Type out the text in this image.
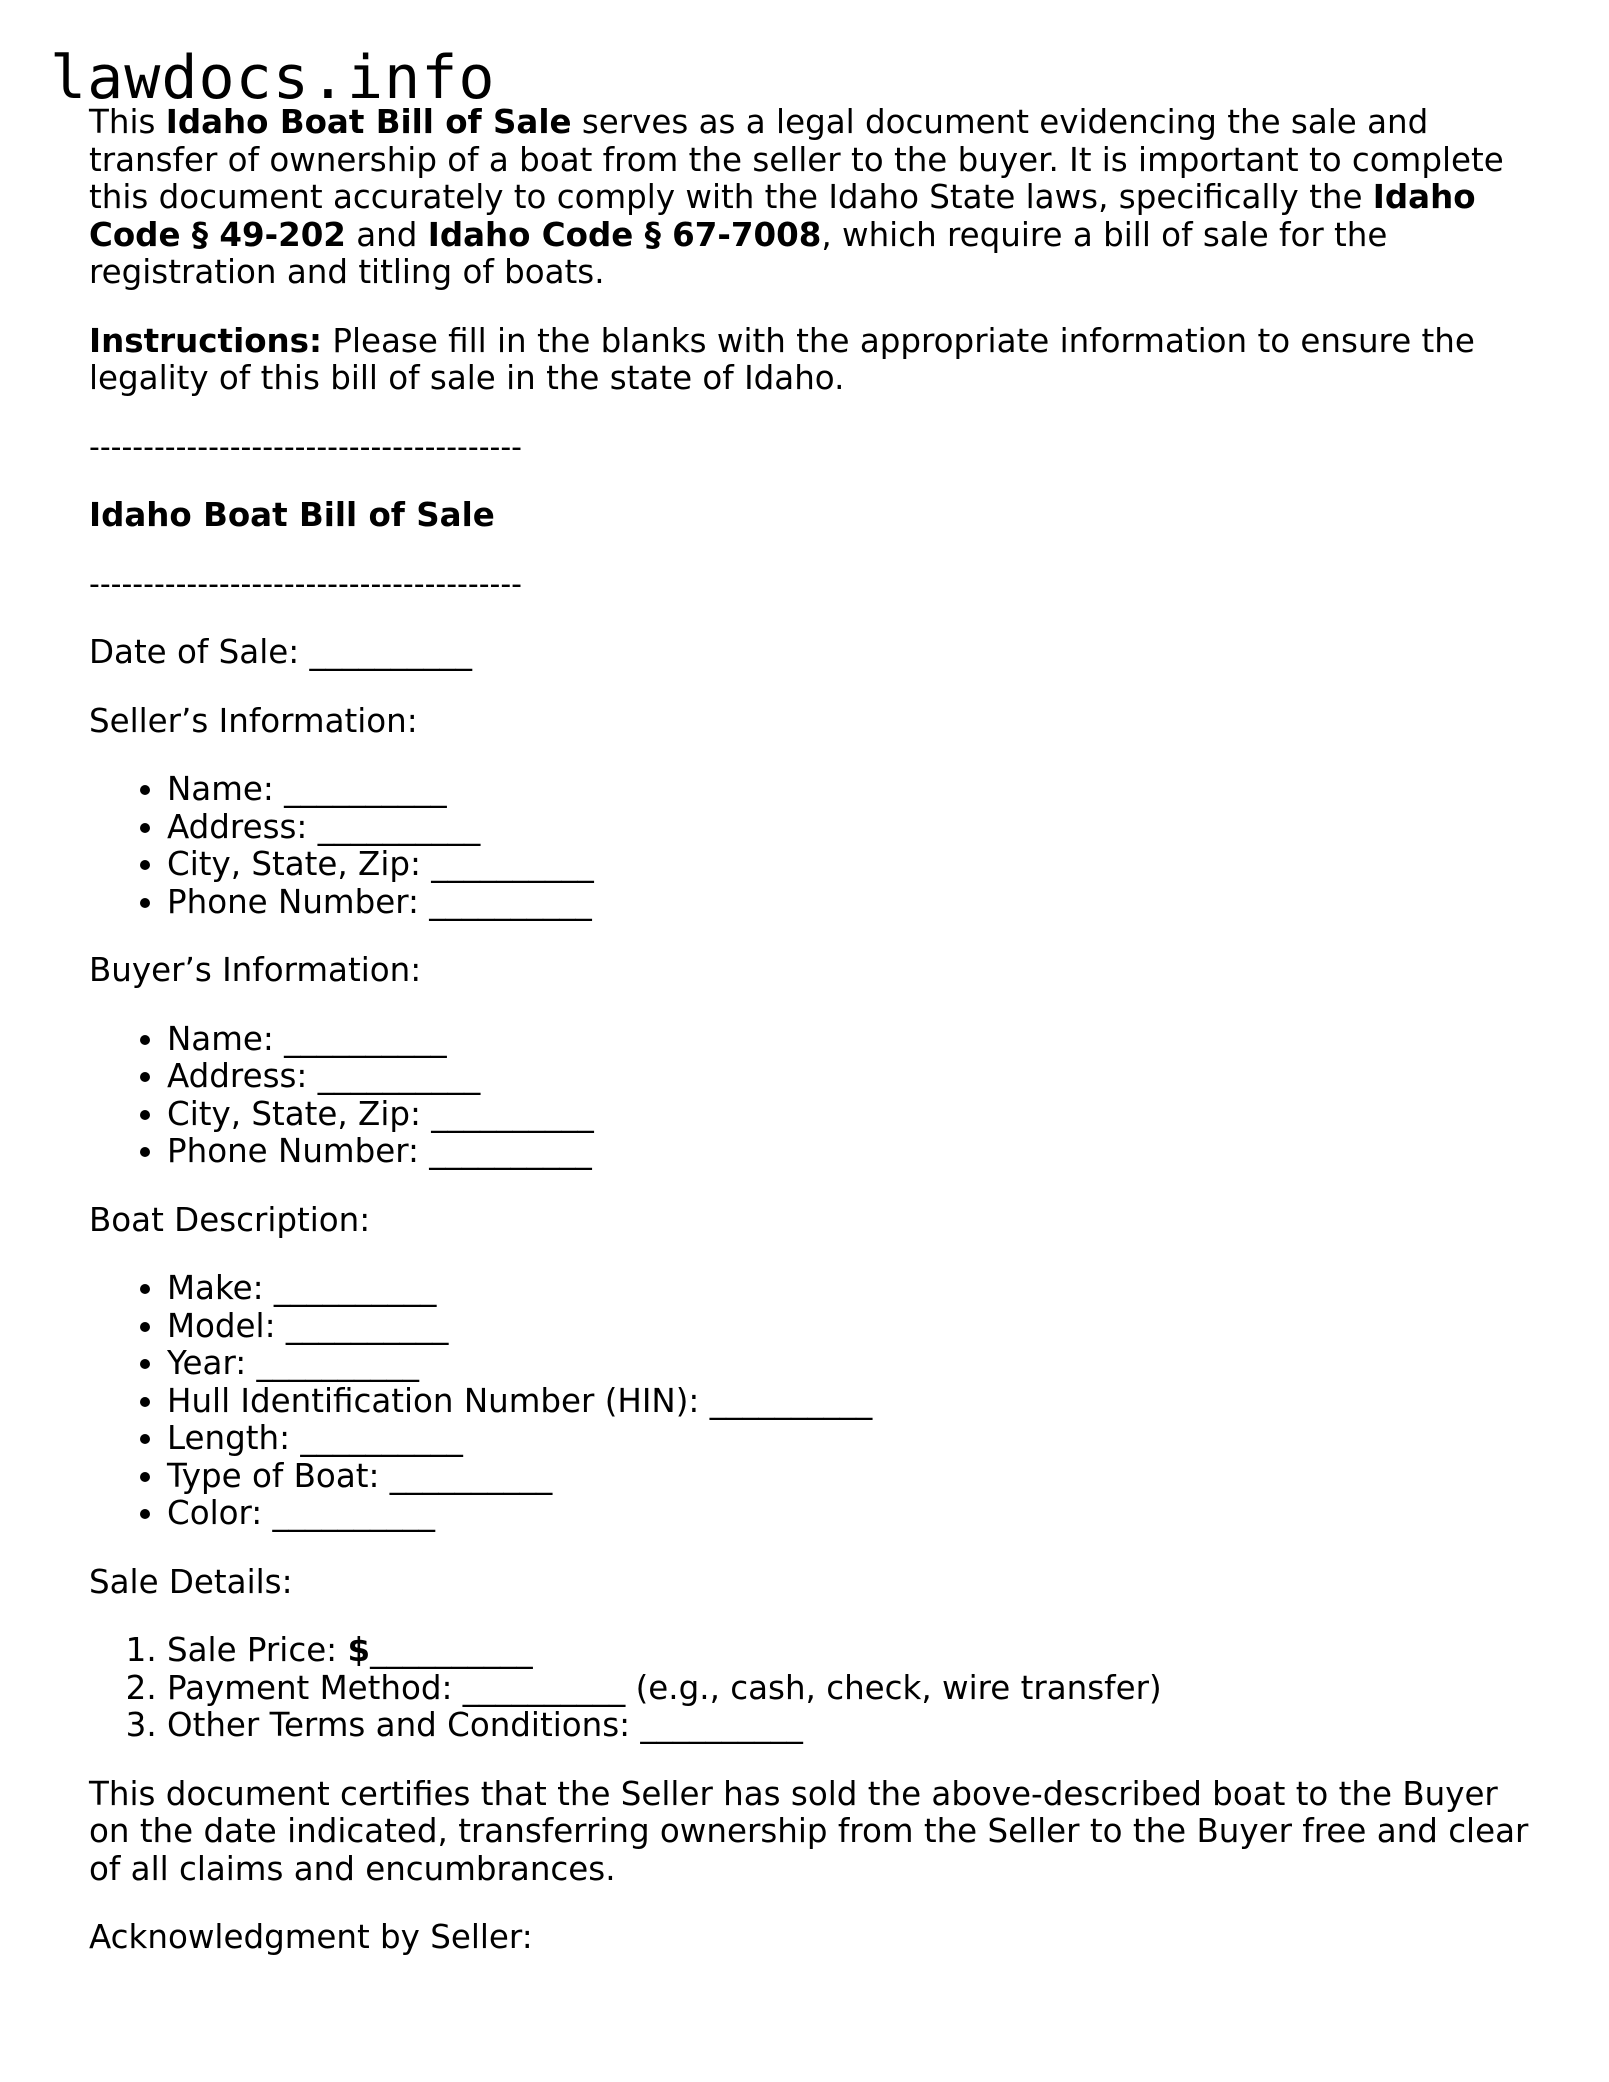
lawdocs.info

This Idaho Boat Bill of Sale serves as a legal document evidencing the sale and transfer of ownership of a boat from the seller to the buyer. It is important to complete this document accurately to comply with the Idaho State laws, specifically the Idaho Code § 49-202 and Idaho Code § 67-7008, which require a bill of sale for the registration and titling of boats.

Instructions: Please fill in the blanks with the appropriate information to ensure the legality of this bill of sale in the state of Idaho.

----------------------------------------
Idaho Boat Bill of Sale
----------------------------------------

Date of Sale: __________

Seller’s Information:

• Name: __________
• Address: __________
• City, State, Zip: __________
• Phone Number: __________

Buyer’s Information:

• Name: __________
• Address: __________
• City, State, Zip: __________
• Phone Number: __________

Boat Description:

• Make: __________
• Model: __________
• Year: __________
• Hull Identification Number (HIN): __________
• Length: __________
• Type of Boat: __________
• Color: __________

Sale Details:

1. Sale Price: $__________
2. Payment Method: __________ (e.g., cash, check, wire transfer)
3. Other Terms and Conditions: __________

This document certifies that the Seller has sold the above-described boat to the Buyer on the date indicated, transferring ownership from the Seller to the Buyer free and clear of all claims and encumbrances.

Acknowledgment by Seller:
